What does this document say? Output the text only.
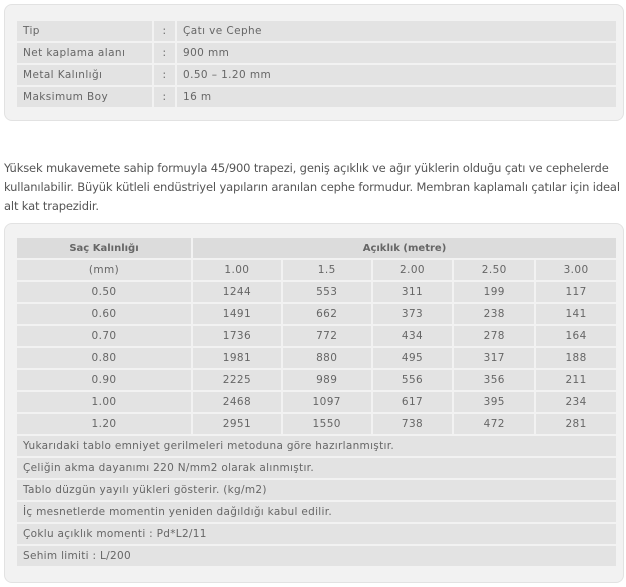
Tip	:	Çatı ve Cephe
Net kaplama alanı	:	900 mm
Metal Kalınlığı	:	0.50 – 1.20 mm
Maksimum Boy	:	16 m

Yüksek mukavemete sahip formuyla 45/900 trapezi, geniş açıklık ve ağır yüklerin olduğu çatı ve cephelerde kullanılabilir. Büyük kütleli endüstriyel yapıların aranılan cephe formudur. Membran kaplamalı çatılar için ideal alt kat trapezidir.

Saç Kalınlığı	Açıklık (metre)				
(mm)	1.00	1.5	2.00	2.50	3.00
0.50	1244	553	311	199	117
0.60	1491	662	373	238	141
0.70	1736	772	434	278	164
0.80	1981	880	495	317	188
0.90	2225	989	556	356	211
1.00	2468	1097	617	395	234
1.20	2951	1550	738	472	281
Yukarıdaki tablo emniyet gerilmeleri metoduna göre hazırlanmıştır.					
Çeliğin akma dayanımı 220 N/mm2 olarak alınmıştır.					
Tablo düzgün yayılı yükleri gösterir. (kg/m2)					
İç mesnetlerde momentin yeniden dağıldığı kabul edilir.					
Çoklu açıklık momenti : Pd*L2/11					
Sehim limiti : L/200					
